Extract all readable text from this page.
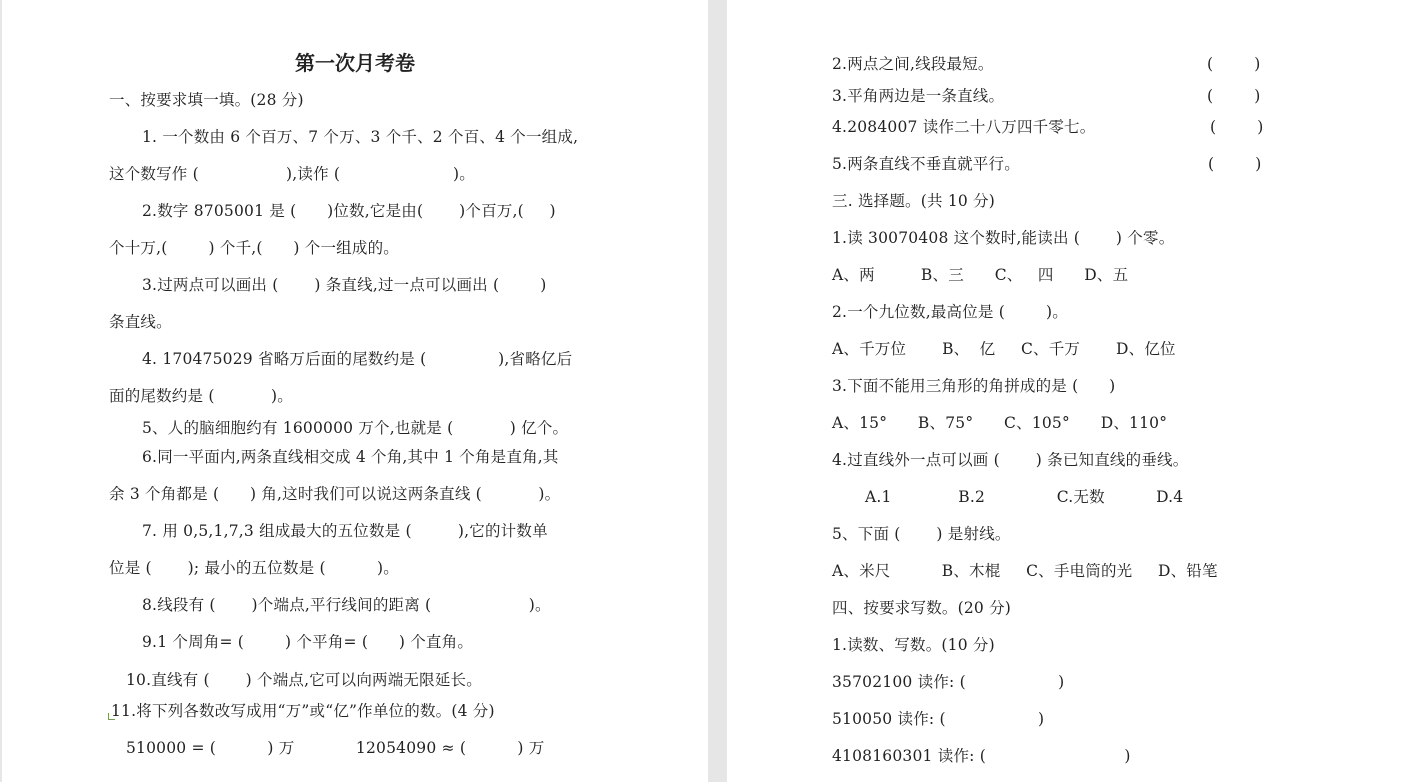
第一次月考卷
一、按要求填一填。(28 分)
1. 一个数由 6 个百万、7 个万、3 个千、2 个百、4 个一组成,
这个数写作 (                 ),读作 (                      )。
2.数字 8705001 是 (      )位数,它是由(       )个百万,(     )
个十万,(        ) 个千,(      ) 个一组成的。
3.过两点可以画出 (       ) 条直线,过一点可以画出 (        )
条直线。
4. 170475029 省略万后面的尾数约是 (              ),省略亿后
面的尾数约是 (           )。
5、人的脑细胞约有 1600000 万个,也就是 (           ) 亿个。
6.同一平面内,两条直线相交成 4 个角,其中 1 个角是直角,其
余 3 个角都是 (      ) 角,这时我们可以说这两条直线 (           )。
7. 用 0,5,1,7,3 组成最大的五位数是 (         ),它的计数单
位是 (       ); 最小的五位数是 (          )。
8.线段有 (       )个端点,平行线间的距离 (                   )。
9.1 个周角= (        ) 个平角= (      ) 个直角。
10.直线有 (       ) 个端点,它可以向两端无限延长。
11.将下列各数改写成用“万”或“亿”作单位的数。(4 分)
510000 = (          ) 万            12054090 ≈ (          ) 万
2.两点之间,线段最短。	(        )
3.平角两边是一条直线。	(        )
4.2084007 读作二十八万四千零七。	(        )
5.两条直线不垂直就平行。	(        )
三. 选择题。(共 10 分)
1.读 30070408 这个数时,能读出 (       ) 个零。
A、两         B、三      C、   四      D、五
2.一个九位数,最高位是 (        )。
A、千万位       B、  亿     C、千万       D、亿位
3.下面不能用三角形的角拼成的是 (      )
A、15°      B、75°      C、105°      D、110°
4.过直线外一点可以画 (       ) 条已知直线的垂线。
A.1             B.2              C.无数          D.4
5、下面 (       ) 是射线。
A、米尺          B、木棍     C、手电筒的光     D、铅笔
四、按要求写数。(20 分)
1.读数、写数。(10 分)
35702100 读作: (                  )
510050 读作: (                  )
4108160301 读作: (                           )
